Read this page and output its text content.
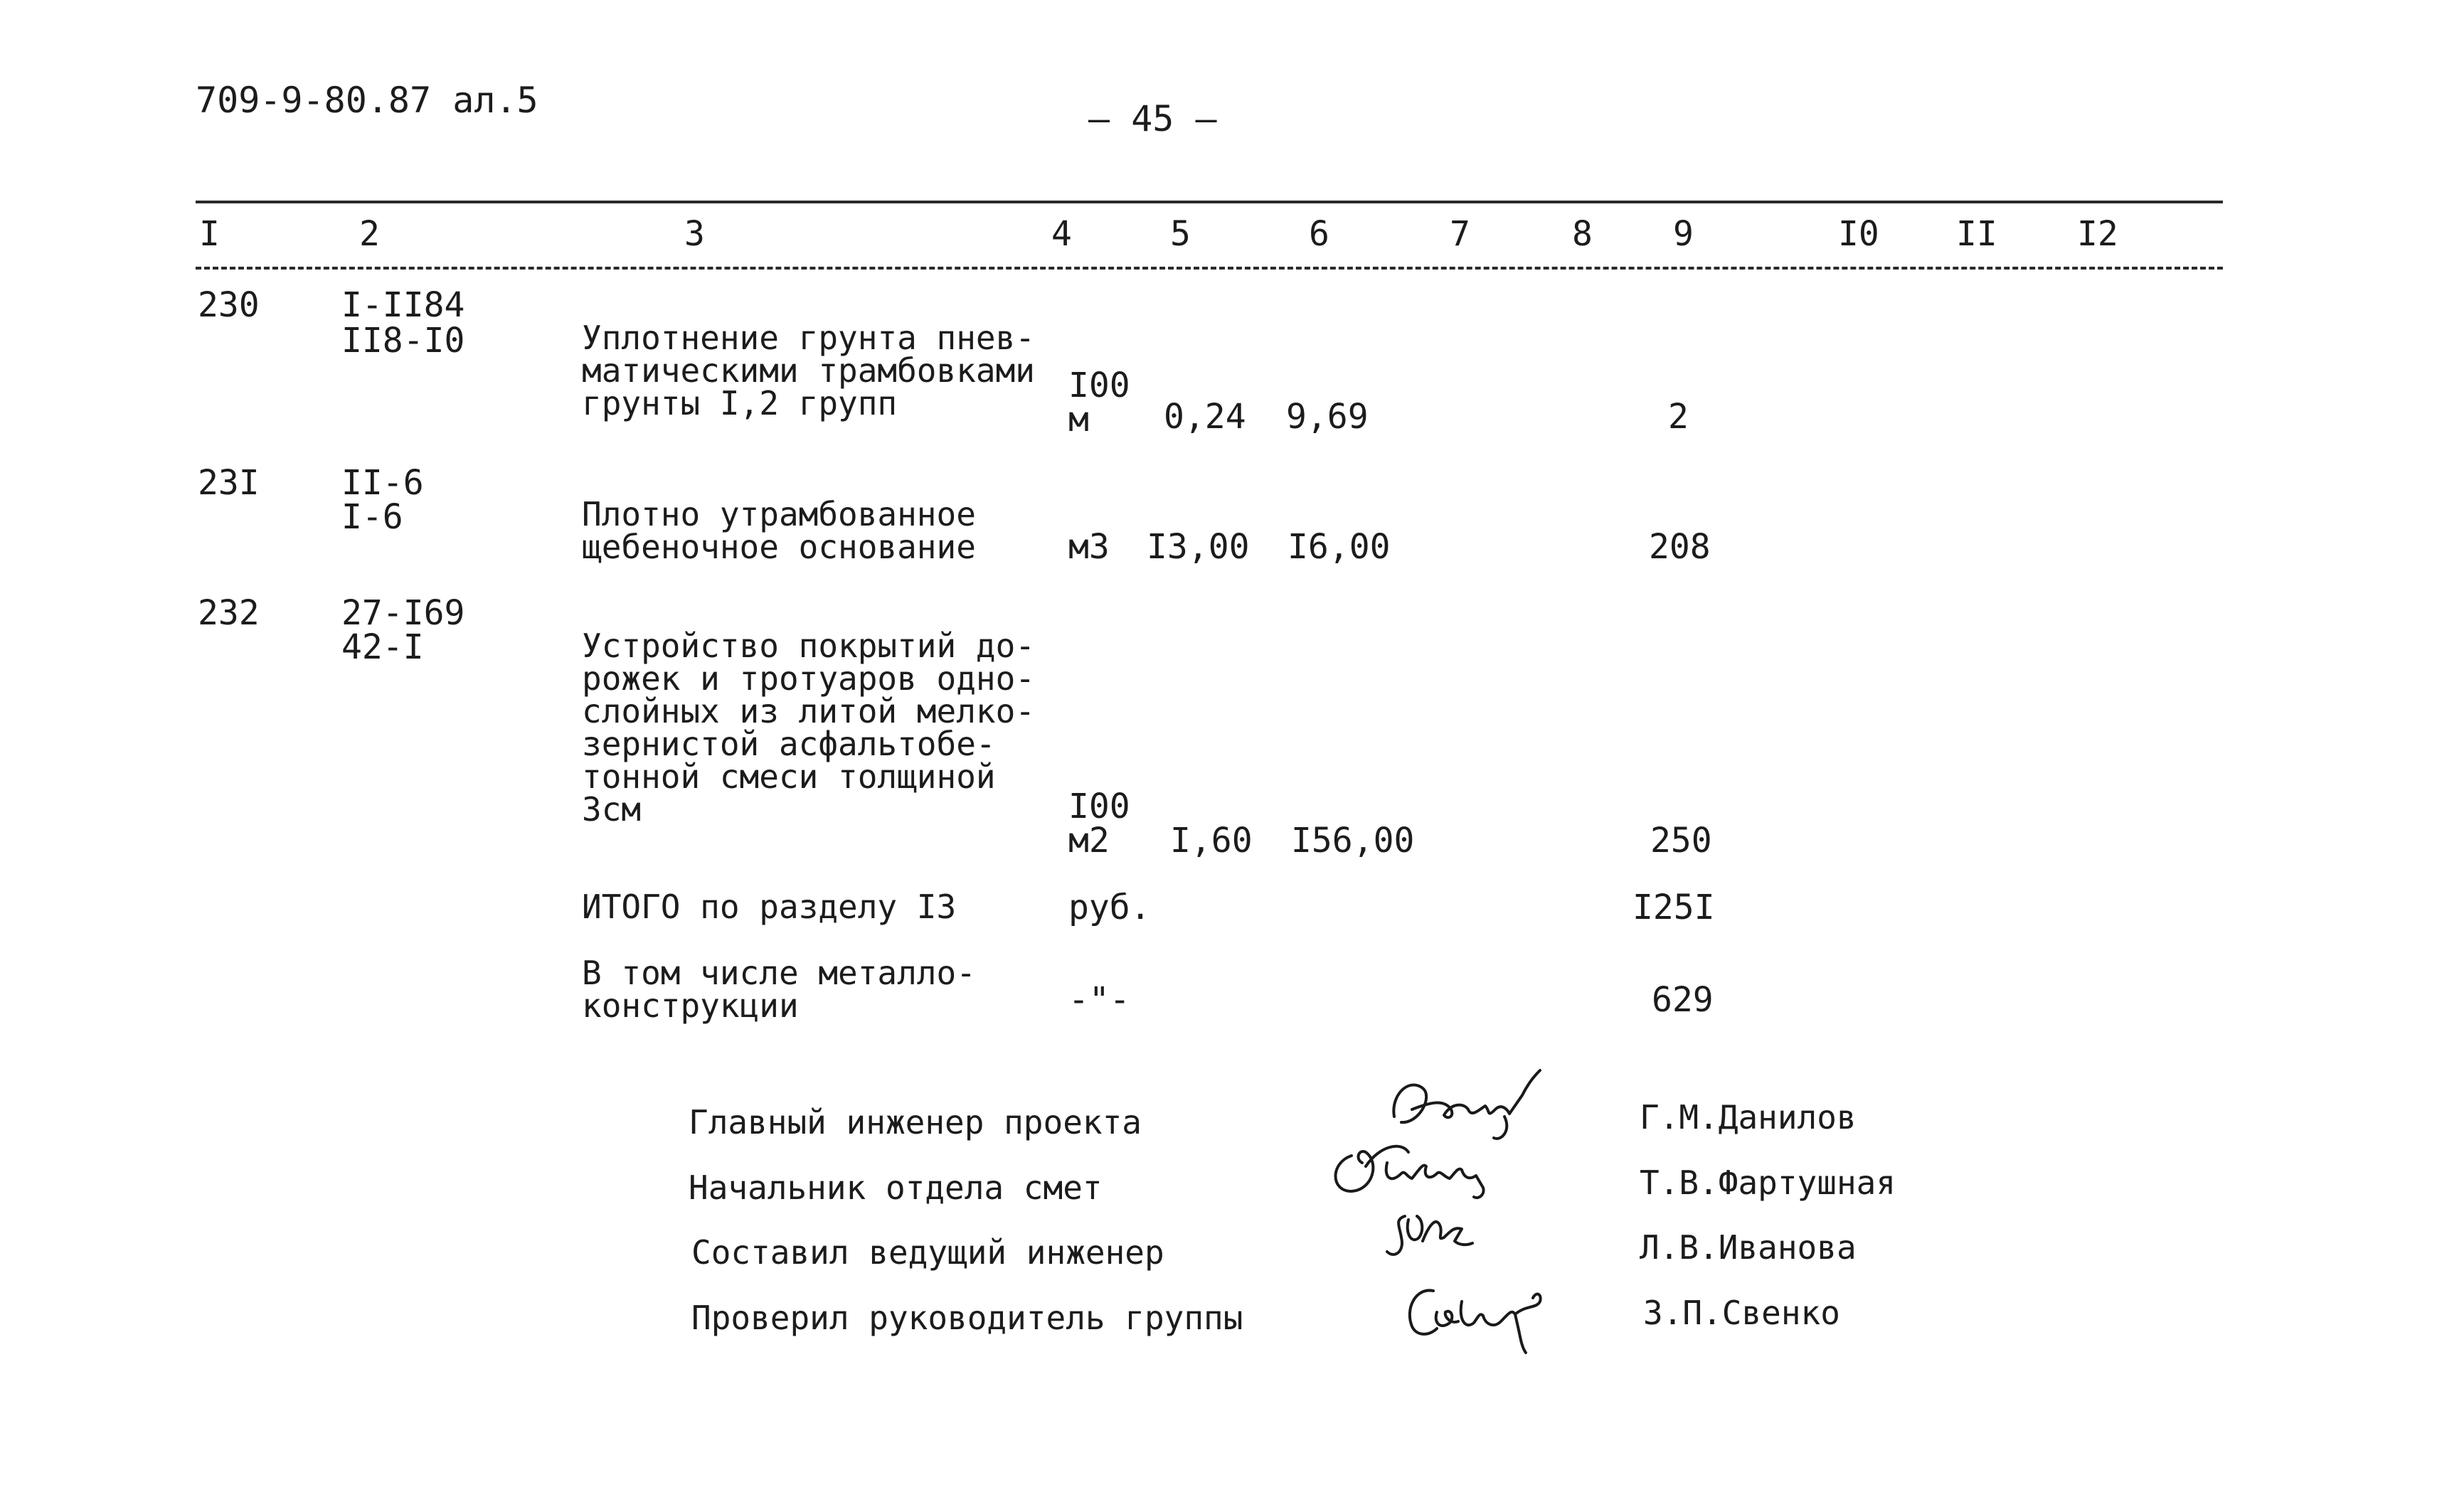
709-9-80.87 ал.5	– 45 –
I	2	3	4	5	6	7	8 9	I0 II I2
230 I-II84
II8-I0	Уплотнение грунта пнев-
матическими трамбовками
грунты I,2 групп	I00
м 0,24 9,69	2
23I II-6
I-6	Плотно утрамбованное
щебеночное основание	м3 I3,00 I6,00	208
232 27-I69
42-I	Устройство покрытий до-
рожек и тротуаров одно-
слойных из литой мелко-
зернистой асфальтобе-
тонной смеси толщиной
3см	I00
м2 I,60 I56,00	250
ИТОГО по разделу I3	руб.	I25I
В том числе металло-
конструкции	-"-	629
Главный инженер проекта	Г.М.Данилов
Начальник отдела смет	Т.В.Фартушная
Составил ведущий инженер	Л.В.Иванова
Проверил руководитель группы	З.П.Свенко
